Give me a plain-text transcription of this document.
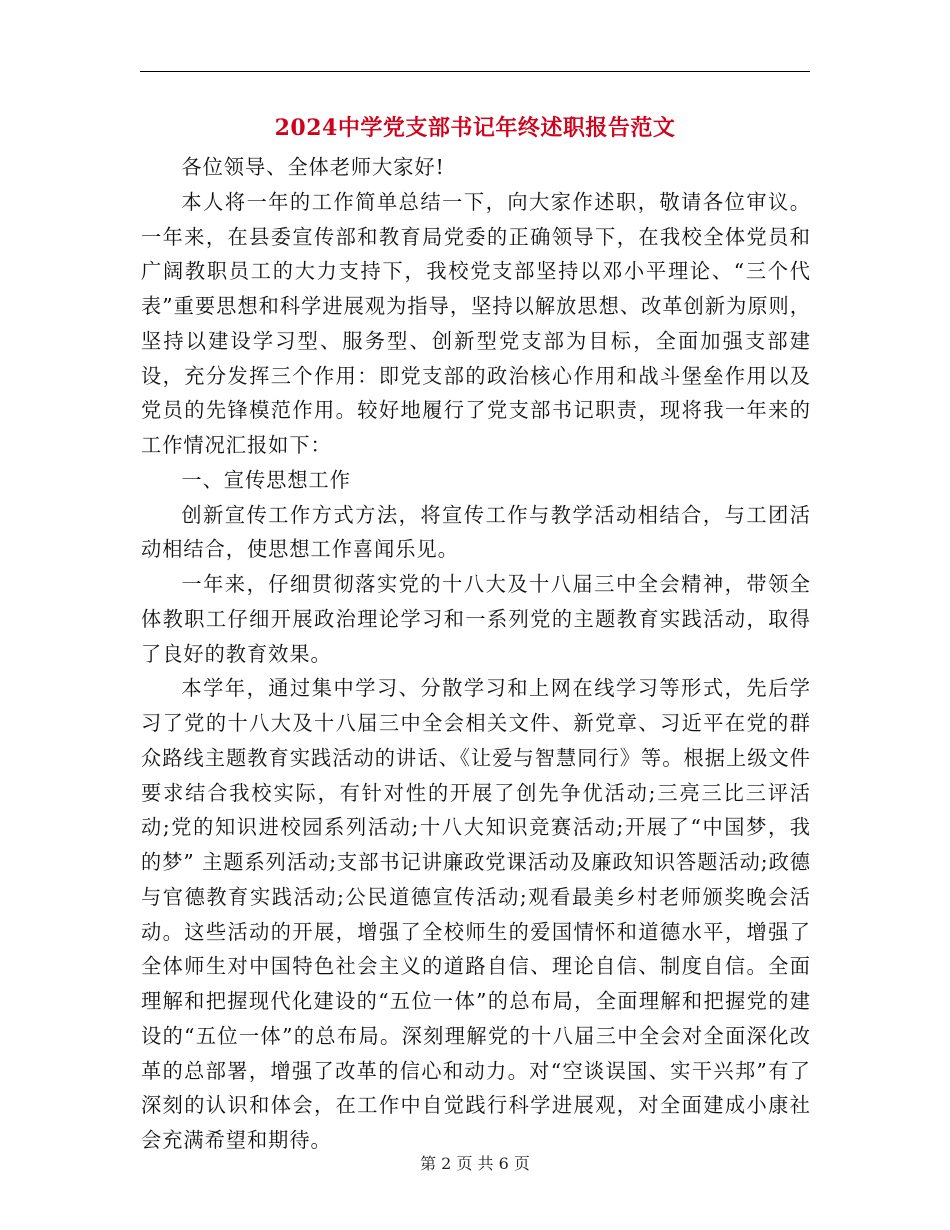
2024中学党支部书记年终述职报告范文

各位领导、全体老师大家好!

本人将一年的工作简单总结一下，向大家作述职，敬请各位审议。一年来，在县委宣传部和教育局党委的正确领导下，在我校全体党员和广阔教职员工的大力支持下，我校党支部坚持以邓小平理论、“三个代表”重要思想和科学进展观为指导，坚持以解放思想、改革创新为原则，坚持以建设学习型、服务型、创新型党支部为目标，全面加强支部建设，充分发挥三个作用：即党支部的政治核心作用和战斗堡垒作用以及党员的先锋模范作用。较好地履行了党支部书记职责，现将我一年来的工作情况汇报如下：

一、宣传思想工作

创新宣传工作方式方法，将宣传工作与教学活动相结合，与工团活动相结合，使思想工作喜闻乐见。

一年来，仔细贯彻落实党的十八大及十八届三中全会精神，带领全体教职工仔细开展政治理论学习和一系列党的主题教育实践活动，取得了良好的教育效果。

本学年，通过集中学习、分散学习和上网在线学习等形式，先后学习了党的十八大及十八届三中全会相关文件、新党章、习近平在党的群众路线主题教育实践活动的讲话、《让爱与智慧同行》等。根据上级文件要求结合我校实际，有针对性的开展了创先争优活动;三亮三比三评活动;党的知识进校园系列活动;十八大知识竞赛活动;开展了“中国梦，我的梦” 主题系列活动;支部书记讲廉政党课活动及廉政知识答题活动;政德与官德教育实践活动;公民道德宣传活动;观看最美乡村老师颁奖晚会活动。这些活动的开展，增强了全校师生的爱国情怀和道德水平，增强了全体师生对中国特色社会主义的道路自信、理论自信、制度自信。全面理解和把握现代化建设的“五位一体”的总布局，全面理解和把握党的建设的“五位一体”的总布局。深刻理解党的十八届三中全会对全面深化改革的总部署，增强了改革的信心和动力。对“空谈误国、实干兴邦”有了深刻的认识和体会，在工作中自觉践行科学进展观，对全面建成小康社会充满希望和期待。

第 2 页 共 6 页
